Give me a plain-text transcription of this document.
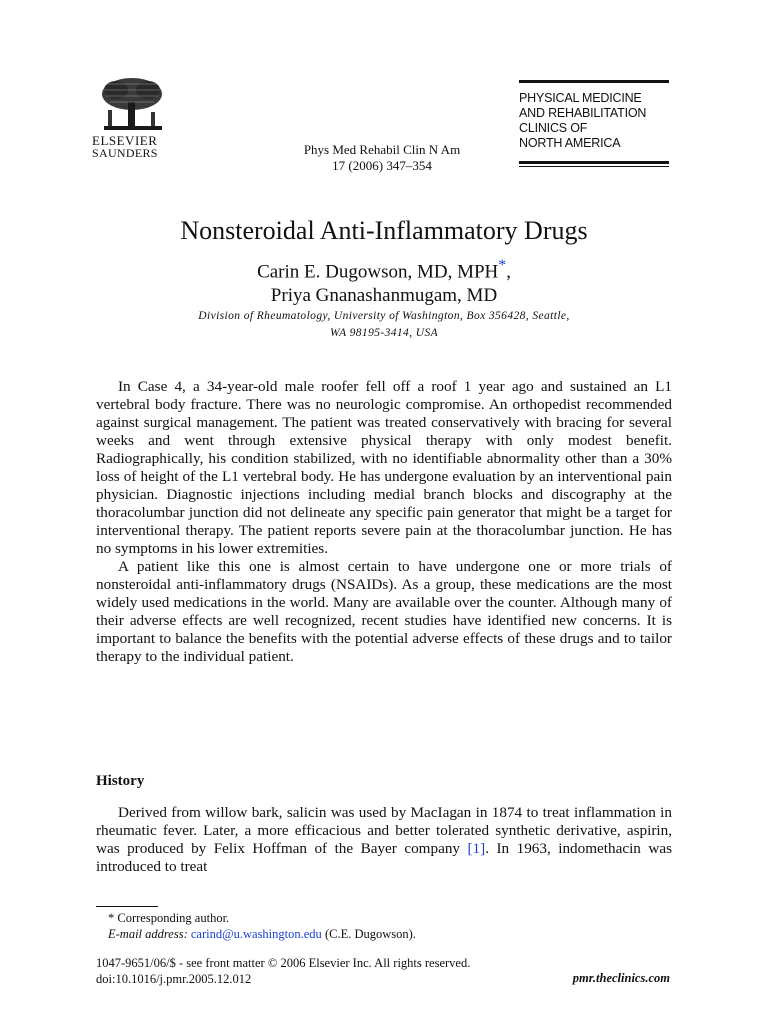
ELSEVIER
SAUNDERS	Phys Med Rehabil Clin N Am
17 (2006) 347–354
PHYSICAL MEDICINE
AND REHABILITATION
CLINICS OF
NORTH AMERICA
Nonsteroidal Anti-Inflammatory Drugs
Carin E. Dugowson, MD, MPH*,
Priya Gnanashanmugam, MD
Division of Rheumatology, University of Washington, Box 356428, Seattle,
WA 98195-3414, USA

In Case 4, a 34-year-old male roofer fell off a roof 1 year ago and sustained an L1 vertebral body fracture. There was no neurologic compromise. An orthopedist recommended against surgical management. The patient was treated conservatively with bracing for several weeks and went through extensive physical therapy with only modest benefit. Radiographically, his condition stabilized, with no identifiable abnormality other than a 30% loss of height of the L1 vertebral body. He has undergone evaluation by an interventional pain physician. Diagnostic injections including medial branch blocks and discography at the thoracolumbar junction did not delineate any specific pain generator that might be a target for interventional therapy. The patient reports severe pain at the thoracolumbar junction. He has no symptoms in his lower extremities.

A patient like this one is almost certain to have undergone one or more trials of nonsteroidal anti-inflammatory drugs (NSAIDs). As a group, these medications are the most widely used medications in the world. Many are available over the counter. Although many of their adverse effects are well recognized, recent studies have identified new concerns. It is important to balance the benefits with the potential adverse effects of these drugs and to tailor therapy to the individual patient.

History

Derived from willow bark, salicin was used by MacIagan in 1874 to treat inflammation in rheumatic fever. Later, a more efficacious and better tolerated synthetic derivative, aspirin, was produced by Felix Hoffman of the Bayer company [1]. In 1963, indomethacin was introduced to treat

* Corresponding author.
E-mail address: carind@u.washington.edu (C.E. Dugowson).
1047-9651/06/$ - see front matter © 2006 Elsevier Inc. All rights reserved.
doi:10.1016/j.pmr.2005.12.012	pmr.theclinics.com
